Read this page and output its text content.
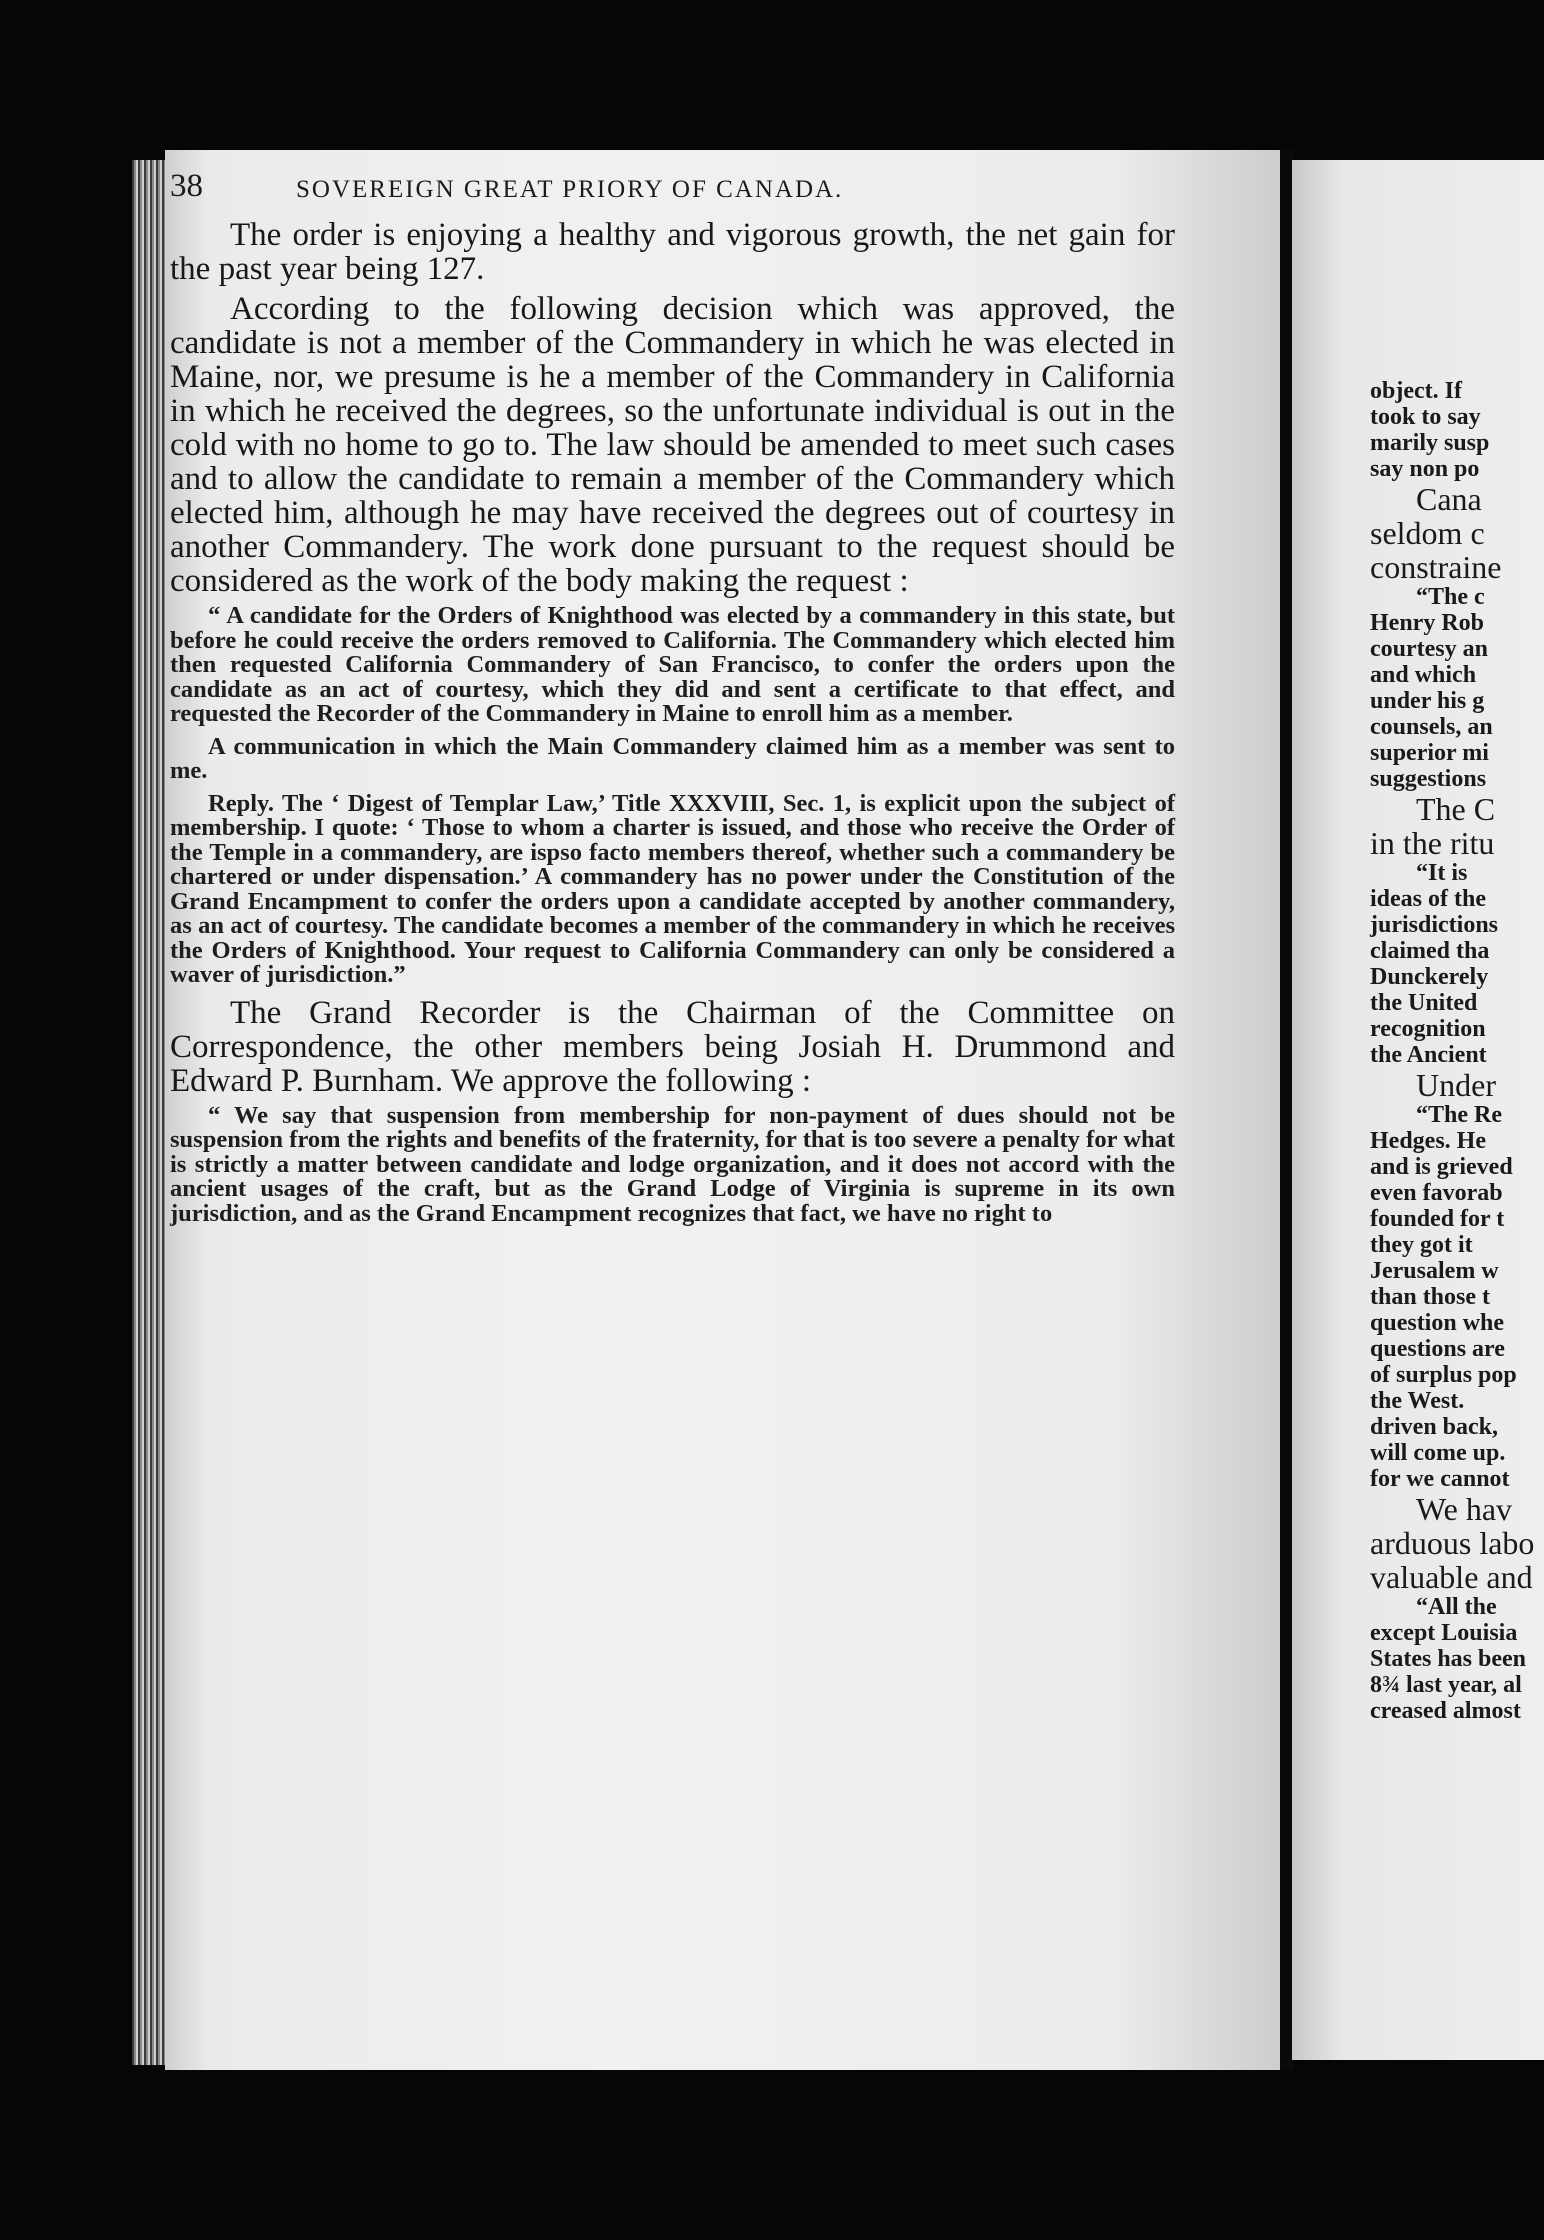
object. If
took to say
marily susp
say non po
Cana
seldom c
constraine
“The c
Henry Rob
courtesy an
and which
under his g
counsels, an
superior mi
suggestions
The C
in the ritu
“It is
ideas of the
jurisdictions
claimed tha
Dunckerely
the United
recognition
the Ancient
Under
“The Re
Hedges. He
and is grieved
even favorab
founded for t
they got it
Jerusalem w
than those t
question whe
questions are
of surplus pop
the West.
driven back,
will come up.
for we cannot
We hav
arduous labo
valuable and
“All the
except Louisia
States has been
8¾ last year, al
creased almost
38	SOVEREIGN GREAT PRIORY OF CANADA.

The order is enjoying a healthy and vigorous growth, the net gain for the past year being 127.

According to the following decision which was approved, the candidate is not a member of the Commandery in which he was elected in Maine, nor, we presume is he a member of the Commandery in California in which he received the degrees, so the unfortunate individual is out in the cold with no home to go to. The law should be amended to meet such cases and to allow the candidate to remain a member of the Commandery which elected him, although he may have received the degrees out of courtesy in another Commandery. The work done pursuant to the request should be considered as the work of the body making the request :

“ A candidate for the Orders of Knighthood was elected by a commandery in this state, but before he could receive the orders removed to California. The Commandery which elected him then requested California Commandery of San Francisco, to confer the orders upon the candidate as an act of courtesy, which they did and sent a certificate to that effect, and requested the Recorder of the Commandery in Maine to enroll him as a member.

A communication in which the Main Commandery claimed him as a member was sent to me.

Reply. The ‘ Digest of Templar Law,’ Title XXXVIII, Sec. 1, is explicit upon the subject of membership. I quote: ‘ Those to whom a charter is issued, and those who receive the Order of the Temple in a commandery, are ispso facto members thereof, whether such a commandery be chartered or under dispensation.’ A commandery has no power under the Constitution of the Grand Encampment to confer the orders upon a candidate accepted by another commandery, as an act of courtesy. The candidate becomes a member of the commandery in which he receives the Orders of Knighthood. Your request to California Commandery can only be considered a waver of jurisdiction.”

The Grand Recorder is the Chairman of the Committee on Correspondence, the other members being Josiah H. Drummond and Edward P. Burnham. We approve the following :

“ We say that suspension from membership for non-payment of dues should not be suspension from the rights and benefits of the fraternity, for that is too severe a penalty for what is strictly a matter between candidate and lodge organization, and it does not accord with the ancient usages of the craft, but as the Grand Lodge of Virginia is supreme in its own jurisdiction, and as the Grand Encampment recognizes that fact, we have no right to
